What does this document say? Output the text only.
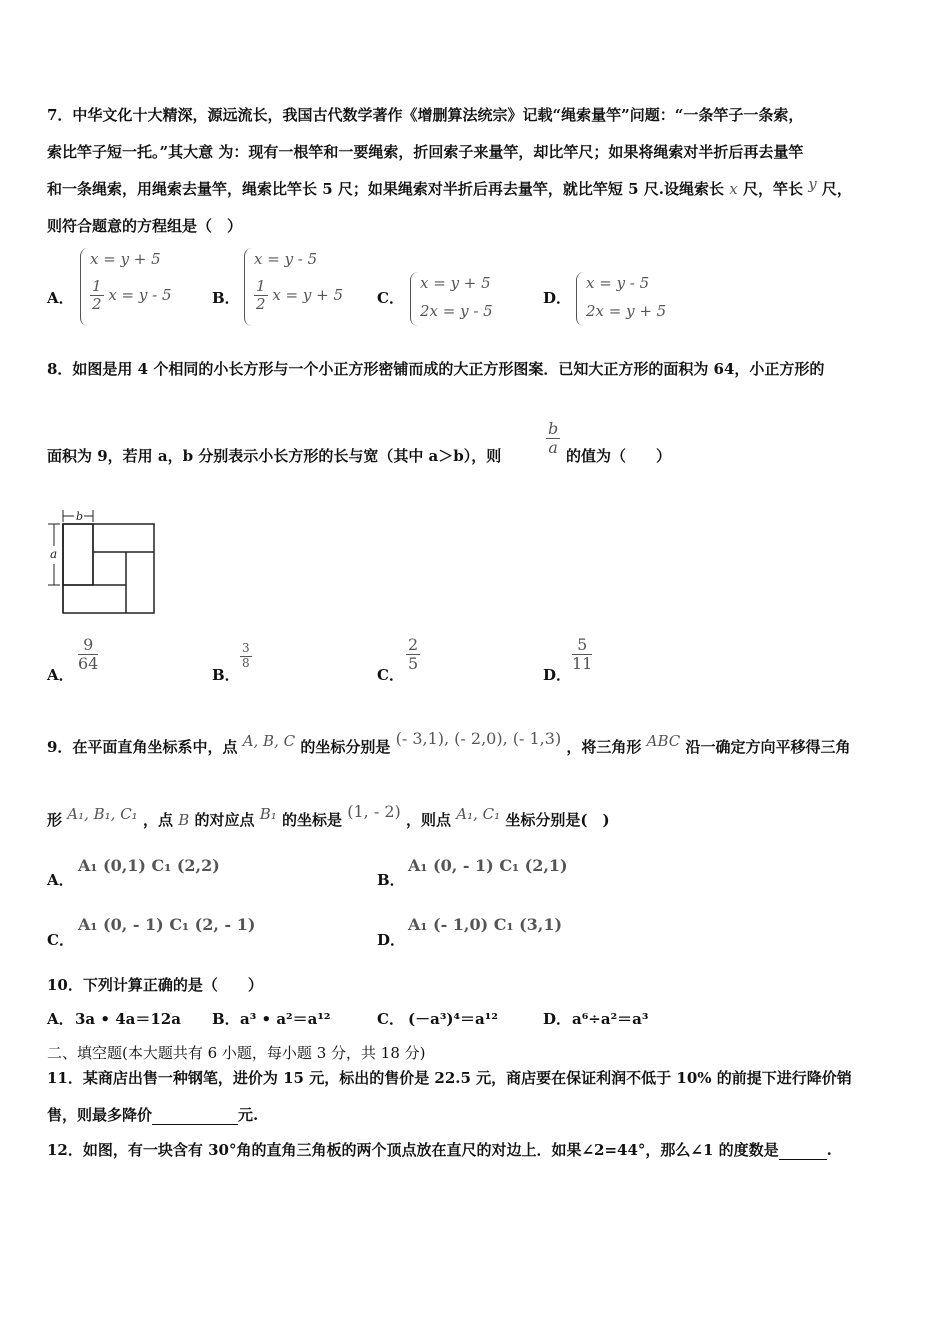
7．中华文化十大精深，源远流长，我国古代数学著作《增删算法统宗》记载“绳索量竿”问题：“一条竿子一条索，
索比竿子短一托。”其大意 为：现有一根竿和一要绳索，折回索子来量竿，却比竿尺；如果将绳索对半折后再去量竿
和一条绳索，用绳索去量竿，绳索比竿长 5 尺；如果绳索对半折后再去量竿，就比竿短 5 尺.设绳索长 x 尺，竿长 y 尺，
则符合题意的方程组是（　）
A．
x = y + 5
$\frac{1}{2}$ x = y - 5	B．
x = y - 5
$\frac{1}{2}$ x = y + 5 C．
x = y + 5
2x = y - 5
D．
x = y - 5
2x = y + 5
8．如图是用 4 个相同的小长方形与一个小正方形密铺而成的大正方形图案．已知大正方形的面积为 64，小正方形的
面积为 9，若用 a，b 分别表示小长方形的长与宽（其中 a＞b），则	$\frac{b}{a}$ 的值为（　　）
b
a
A．
$\frac{9}{64}$
B．
$\frac{3}{8}$
C．
$\frac{2}{5}$
D．
$\frac{5}{11}$
9．在平面直角坐标系中，点 A, B, C 的坐标分别是 (- 3,1), (- 2,0), (- 1,3) ，将三角形 ABC 沿一确定方向平移得三角
形 A₁, B₁, C₁ ，点 B 的对应点 B₁ 的坐标是 (1, - 2) ，则点 A₁, C₁ 坐标分别是(　)
A．
A₁ (0,1) C₁ (2,2)
B．
A₁ (0, - 1) C₁ (2,1)
C．
A₁ (0, - 1) C₁ (2, - 1)
D．
A₁ (- 1,0) C₁ (3,1)
10．下列计算正确的是（　　）
A． 3a • 4a＝12a B． a³ • a²＝a¹²	C． (－a³)⁴＝a¹²	D． a⁶÷a²＝a³
二、填空题(本大题共有 6 小题，每小题 3 分，共 18 分)
11．某商店出售一种钢笔，进价为 15 元，标出的售价是 22.5 元，商店要在保证利润不低于 10% 的前提下进行降价销
售，则最多降价	元.
12．如图，有一块含有 30°角的直角三角板的两个顶点放在直尺的对边上．如果∠2=44°，那么∠1 的度数是	.
